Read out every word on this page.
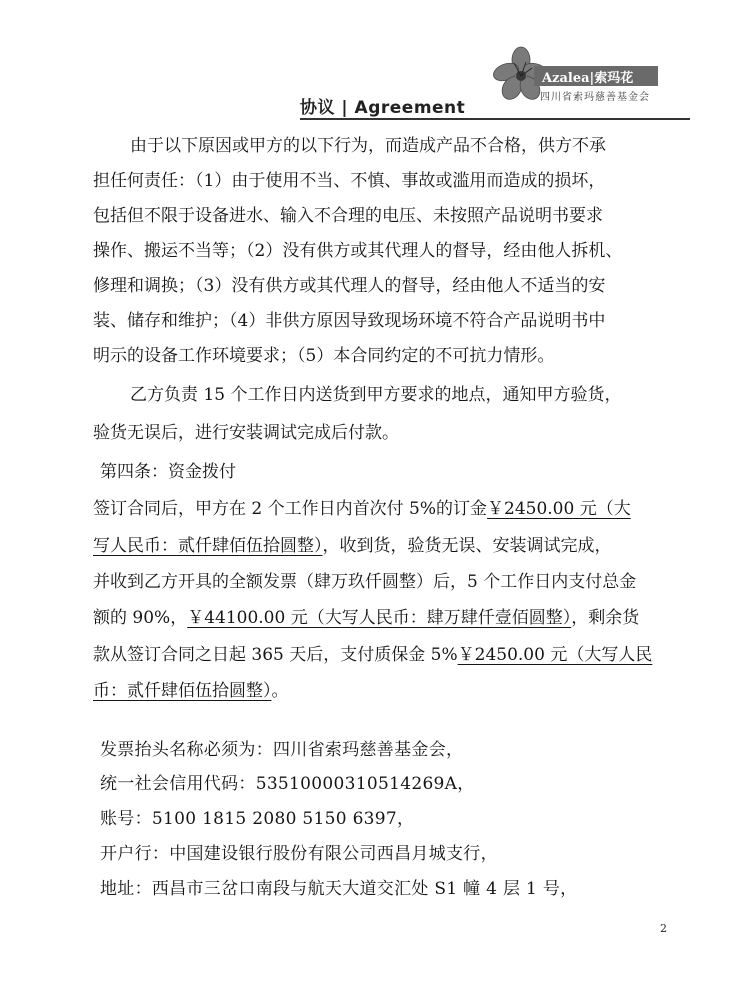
协议 | Agreement
Azalea|索玛花
四川省索玛慈善基金会
由于以下原因或甲方的以下行为，而造成产品不合格，供方不承
担任何责任：（1）由于使用不当、不慎、事故或滥用而造成的损坏，
包括但不限于设备进水、输入不合理的电压、未按照产品说明书要求
操作、搬运不当等；（2）没有供方或其代理人的督导，经由他人拆机、
修理和调换；（3）没有供方或其代理人的督导，经由他人不适当的安
装、储存和维护；（4）非供方原因导致现场环境不符合产品说明书中
明示的设备工作环境要求；（5）本合同约定的不可抗力情形。
乙方负责 15 个工作日内送货到甲方要求的地点，通知甲方验货，
验货无误后，进行安装调试完成后付款。
第四条：资金拨付
签订合同后，甲方在 2 个工作日内首次付 5%的订金￥2450.00 元（大
写人民币：贰仟肆佰伍拾圆整），收到货，验货无误、安装调试完成，
并收到乙方开具的全额发票（肆万玖仟圆整）后，5 个工作日内支付总金
额的 90%，￥44100.00 元（大写人民币：肆万肆仟壹佰圆整），剩余货
款从签订合同之日起 365 天后，支付质保金 5%￥2450.00 元（大写人民
币：贰仟肆佰伍拾圆整）。
发票抬头名称必须为：四川省索玛慈善基金会，
统一社会信用代码：53510000310514269A，
账号：5100 1815 2080 5150 6397，
开户行：中国建设银行股份有限公司西昌月城支行，
地址：西昌市三岔口南段与航天大道交汇处 S1 幢 4 层 1 号，
2
